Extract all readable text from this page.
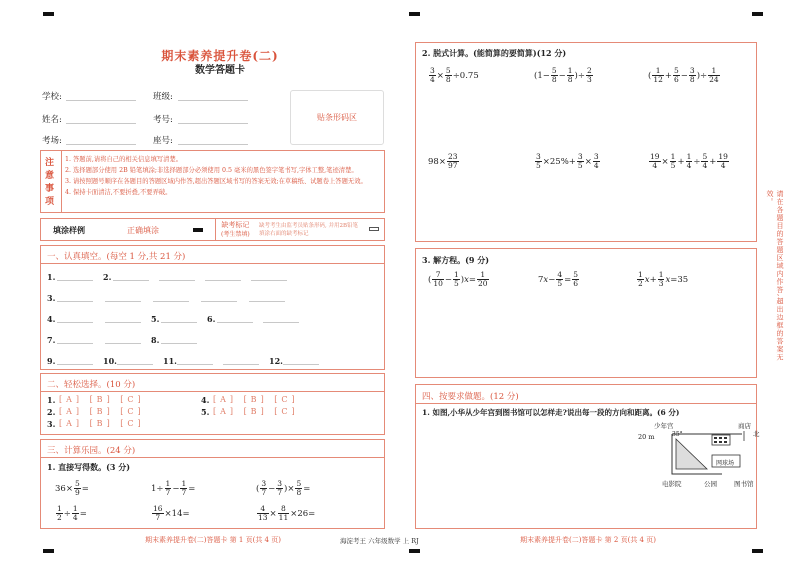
期末素养提升卷(二)
数学答题卡
学校:	班级:
姓名:	考号:
考场:	座号:
贴条形码区
注意事项
1. 答题前,请将自己的相关信息填写清楚。
2. 选择题部分使用 2B 铅笔填涂;非选择题部分必须使用 0.5 毫米的黑色签字笔书写,字体工整,笔迹清楚。
3. 请按照题号顺序在各题目的答题区域内作答,超出答题区域书写的答案无效;在草稿纸、试题卷上答题无效。
4. 保持卡面清洁,不要折叠,不要弄破。
填涂样例	正确填涂
缺考标记
(考生禁填)
缺考考生由监考员贴条形码, 并用2B铅笔填涂右面的缺考标记
一、认真填空。(每空 1 分,共 21 分)
1.	2.
3.
4.	5.	6.
7.	8.
9.	10.	11.	12.
二、轻松选择。(10 分)
1. [A] [B] [C]	4. [A] [B] [C]
2. [A] [B] [C]	5. [A] [B] [C]
3. [A] [B] [C]
三、计算乐园。(24 分)
1. 直接写得数。(3 分)
$36\times \frac{5}{9}$ =	$1\div \frac{1}{7} - \frac{1}{7}$ =	( $\frac{3}{7} - \frac{3}{7}$ )× $\frac{5}{8}$ =
$\frac{1}{2} \div \frac{1}{4}$ =	$\frac{16}{7} \times 14=$	$\frac{4}{13} \times \frac{8}{11} \times 26=$
期末素养提升卷(二)答题卡 第 1 页(共 4 页)	海淀考王 六年级数学 上 RJ	期末素养提升卷(二)答题卡 第 2 页(共 4 页)
2. 脱式计算。(能简算的要简算)(12 分)
$\frac{3}{4} \times \frac{5}{8} \div 0.75$	($1- \frac{5}{8} - \frac{1}{8}$ )÷ $\frac{2}{3}$	( $\frac{1}{12} + \frac{5}{6} - \frac{3}{8}$ )÷ $\frac{1}{24}$
$98\times \frac{23}{97}$	$\frac{3}{5} \times 25\%+ \frac{3}{5} \times \frac{3}{4}$	$\frac{19}{4} \times \frac{1}{5} + \frac{1}{4} \div \frac{5}{4} + \frac{19}{4}$
3. 解方程。(9 分)
( $\frac{7}{10} - \frac{1}{5} )x= \frac{1}{20}$	$7x- \frac{4}{5} = \frac{5}{6}$	$\frac{1}{2} x+ \frac{1}{3} x=35$
四、按要求做题。(12 分)
1. 如图,小华从少年宫到图书馆可以怎样走?说出每一段的方向和距离。(6 分)
少年宫	商店
20 m	35°	北
网球场
电影院	公园	图书馆
请在各题目的答题区域内作答,超出边框的答案无效。
